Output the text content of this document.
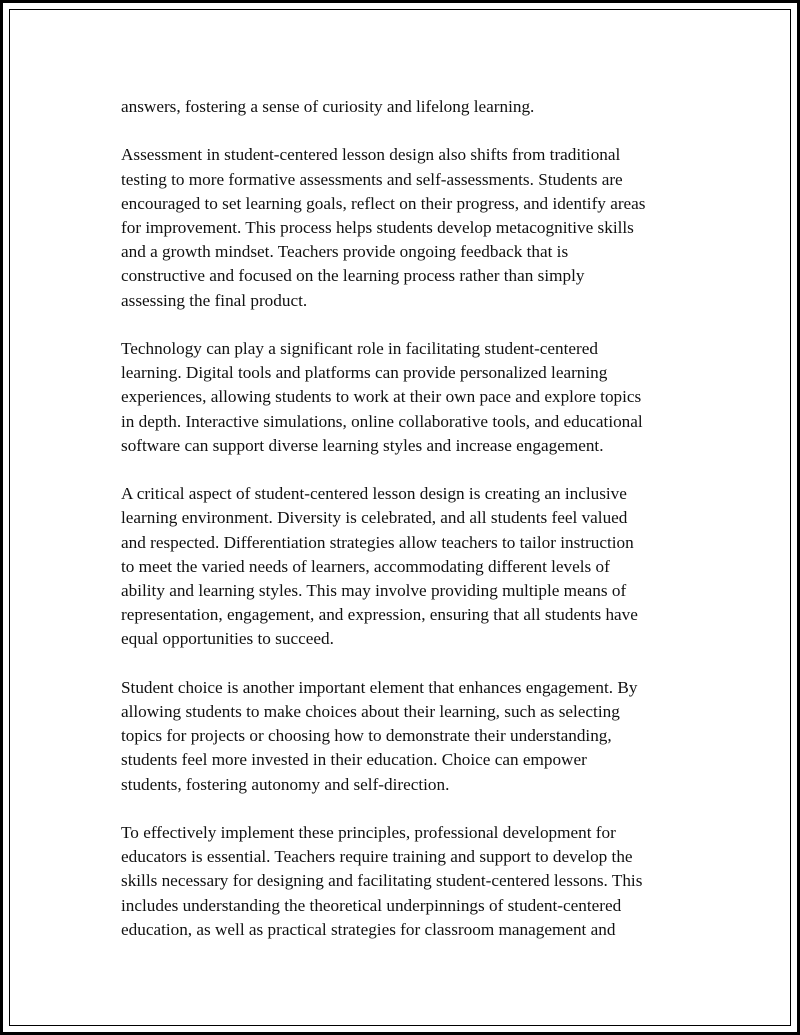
answers, fostering a sense of curiosity and lifelong learning.

Assessment in student-centered lesson design also shifts from traditional
testing to more formative assessments and self-assessments. Students are
encouraged to set learning goals, reflect on their progress, and identify areas
for improvement. This process helps students develop metacognitive skills
and a growth mindset. Teachers provide ongoing feedback that is
constructive and focused on the learning process rather than simply
assessing the final product.

Technology can play a significant role in facilitating student-centered
learning. Digital tools and platforms can provide personalized learning
experiences, allowing students to work at their own pace and explore topics
in depth. Interactive simulations, online collaborative tools, and educational
software can support diverse learning styles and increase engagement.

A critical aspect of student-centered lesson design is creating an inclusive
learning environment. Diversity is celebrated, and all students feel valued
and respected. Differentiation strategies allow teachers to tailor instruction
to meet the varied needs of learners, accommodating different levels of
ability and learning styles. This may involve providing multiple means of
representation, engagement, and expression, ensuring that all students have
equal opportunities to succeed.

Student choice is another important element that enhances engagement. By
allowing students to make choices about their learning, such as selecting
topics for projects or choosing how to demonstrate their understanding,
students feel more invested in their education. Choice can empower
students, fostering autonomy and self-direction.

To effectively implement these principles, professional development for
educators is essential. Teachers require training and support to develop the
skills necessary for designing and facilitating student-centered lessons. This
includes understanding the theoretical underpinnings of student-centered
education, as well as practical strategies for classroom management and
